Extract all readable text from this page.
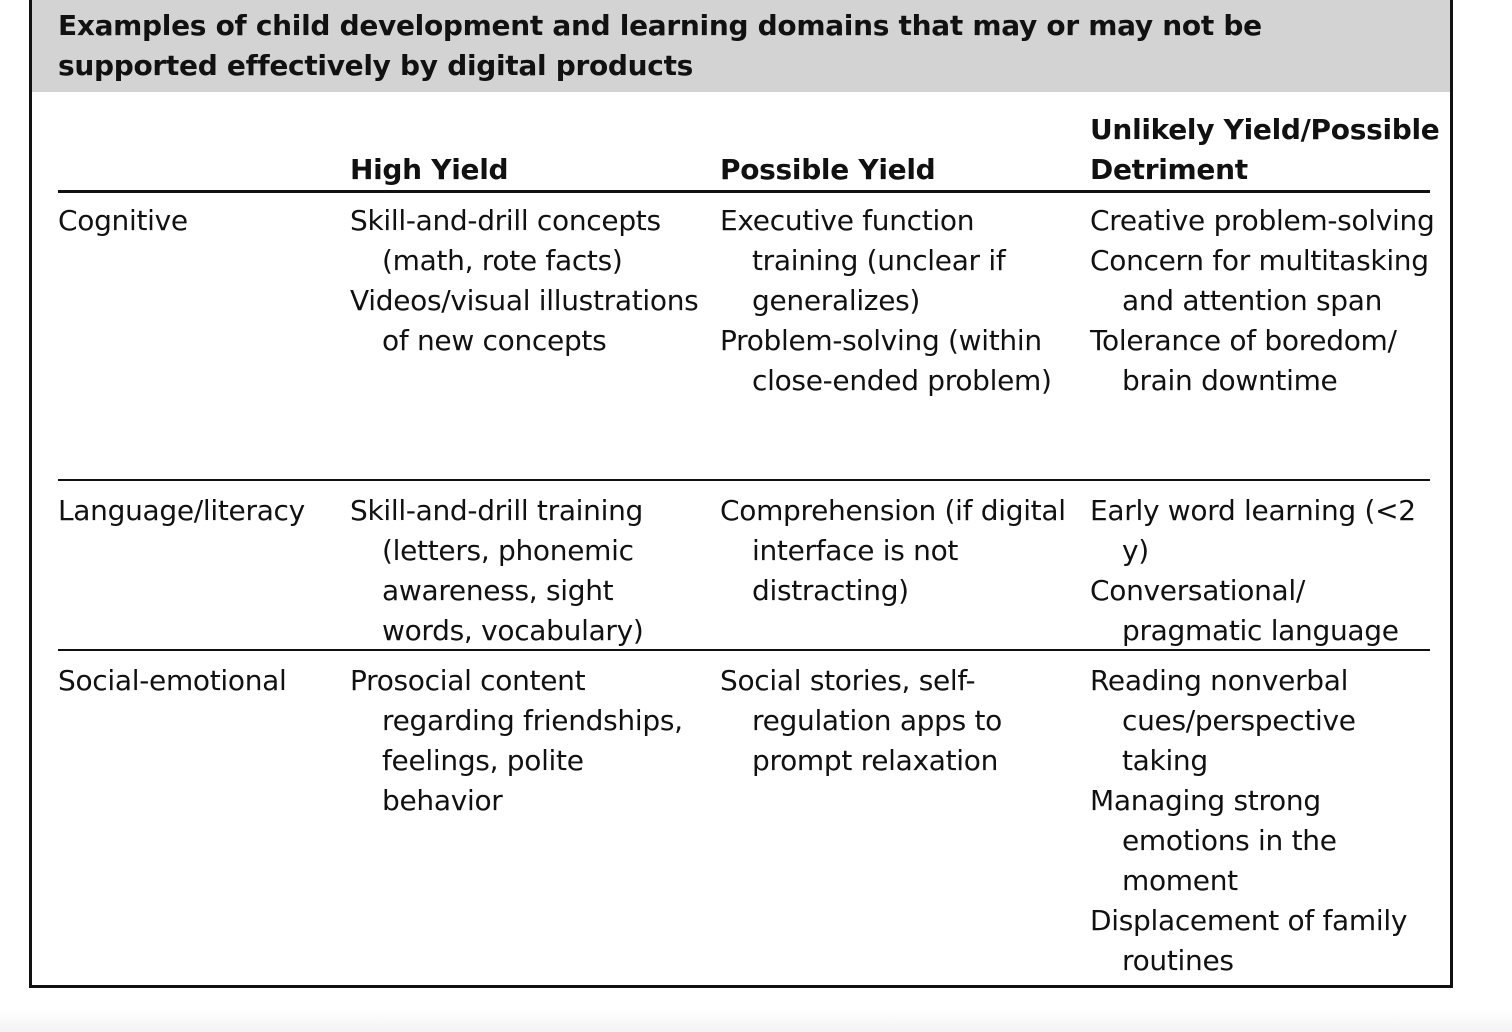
Examples of child development and learning domains that may or may not be supported effectively by digital products
High Yield	Possible Yield
Unlikely Yield/Possible Detriment
Cognitive	Skill-and-drill concepts (math, rote facts)
Videos/visual illustrations of new concepts
Executive function training (unclear if generalizes)
Problem-solving (within close-ended problem)
Creative problem-solving
Concern for multitasking and attention span
Tolerance of boredom/ brain downtime
Language/literacy Skill-and-drill training (letters, phonemic awareness, sight words, vocabulary)
Comprehension (if digital interface is not distracting)
Early word learning (<2 y)
Conversational/ pragmatic language
Social-emotional Prosocial content regarding friendships, feelings, polite behavior
Social stories, self-regulation apps to prompt relaxation
Reading nonverbal cues/perspective taking
Managing strong emotions in the moment
Displacement of family routines
